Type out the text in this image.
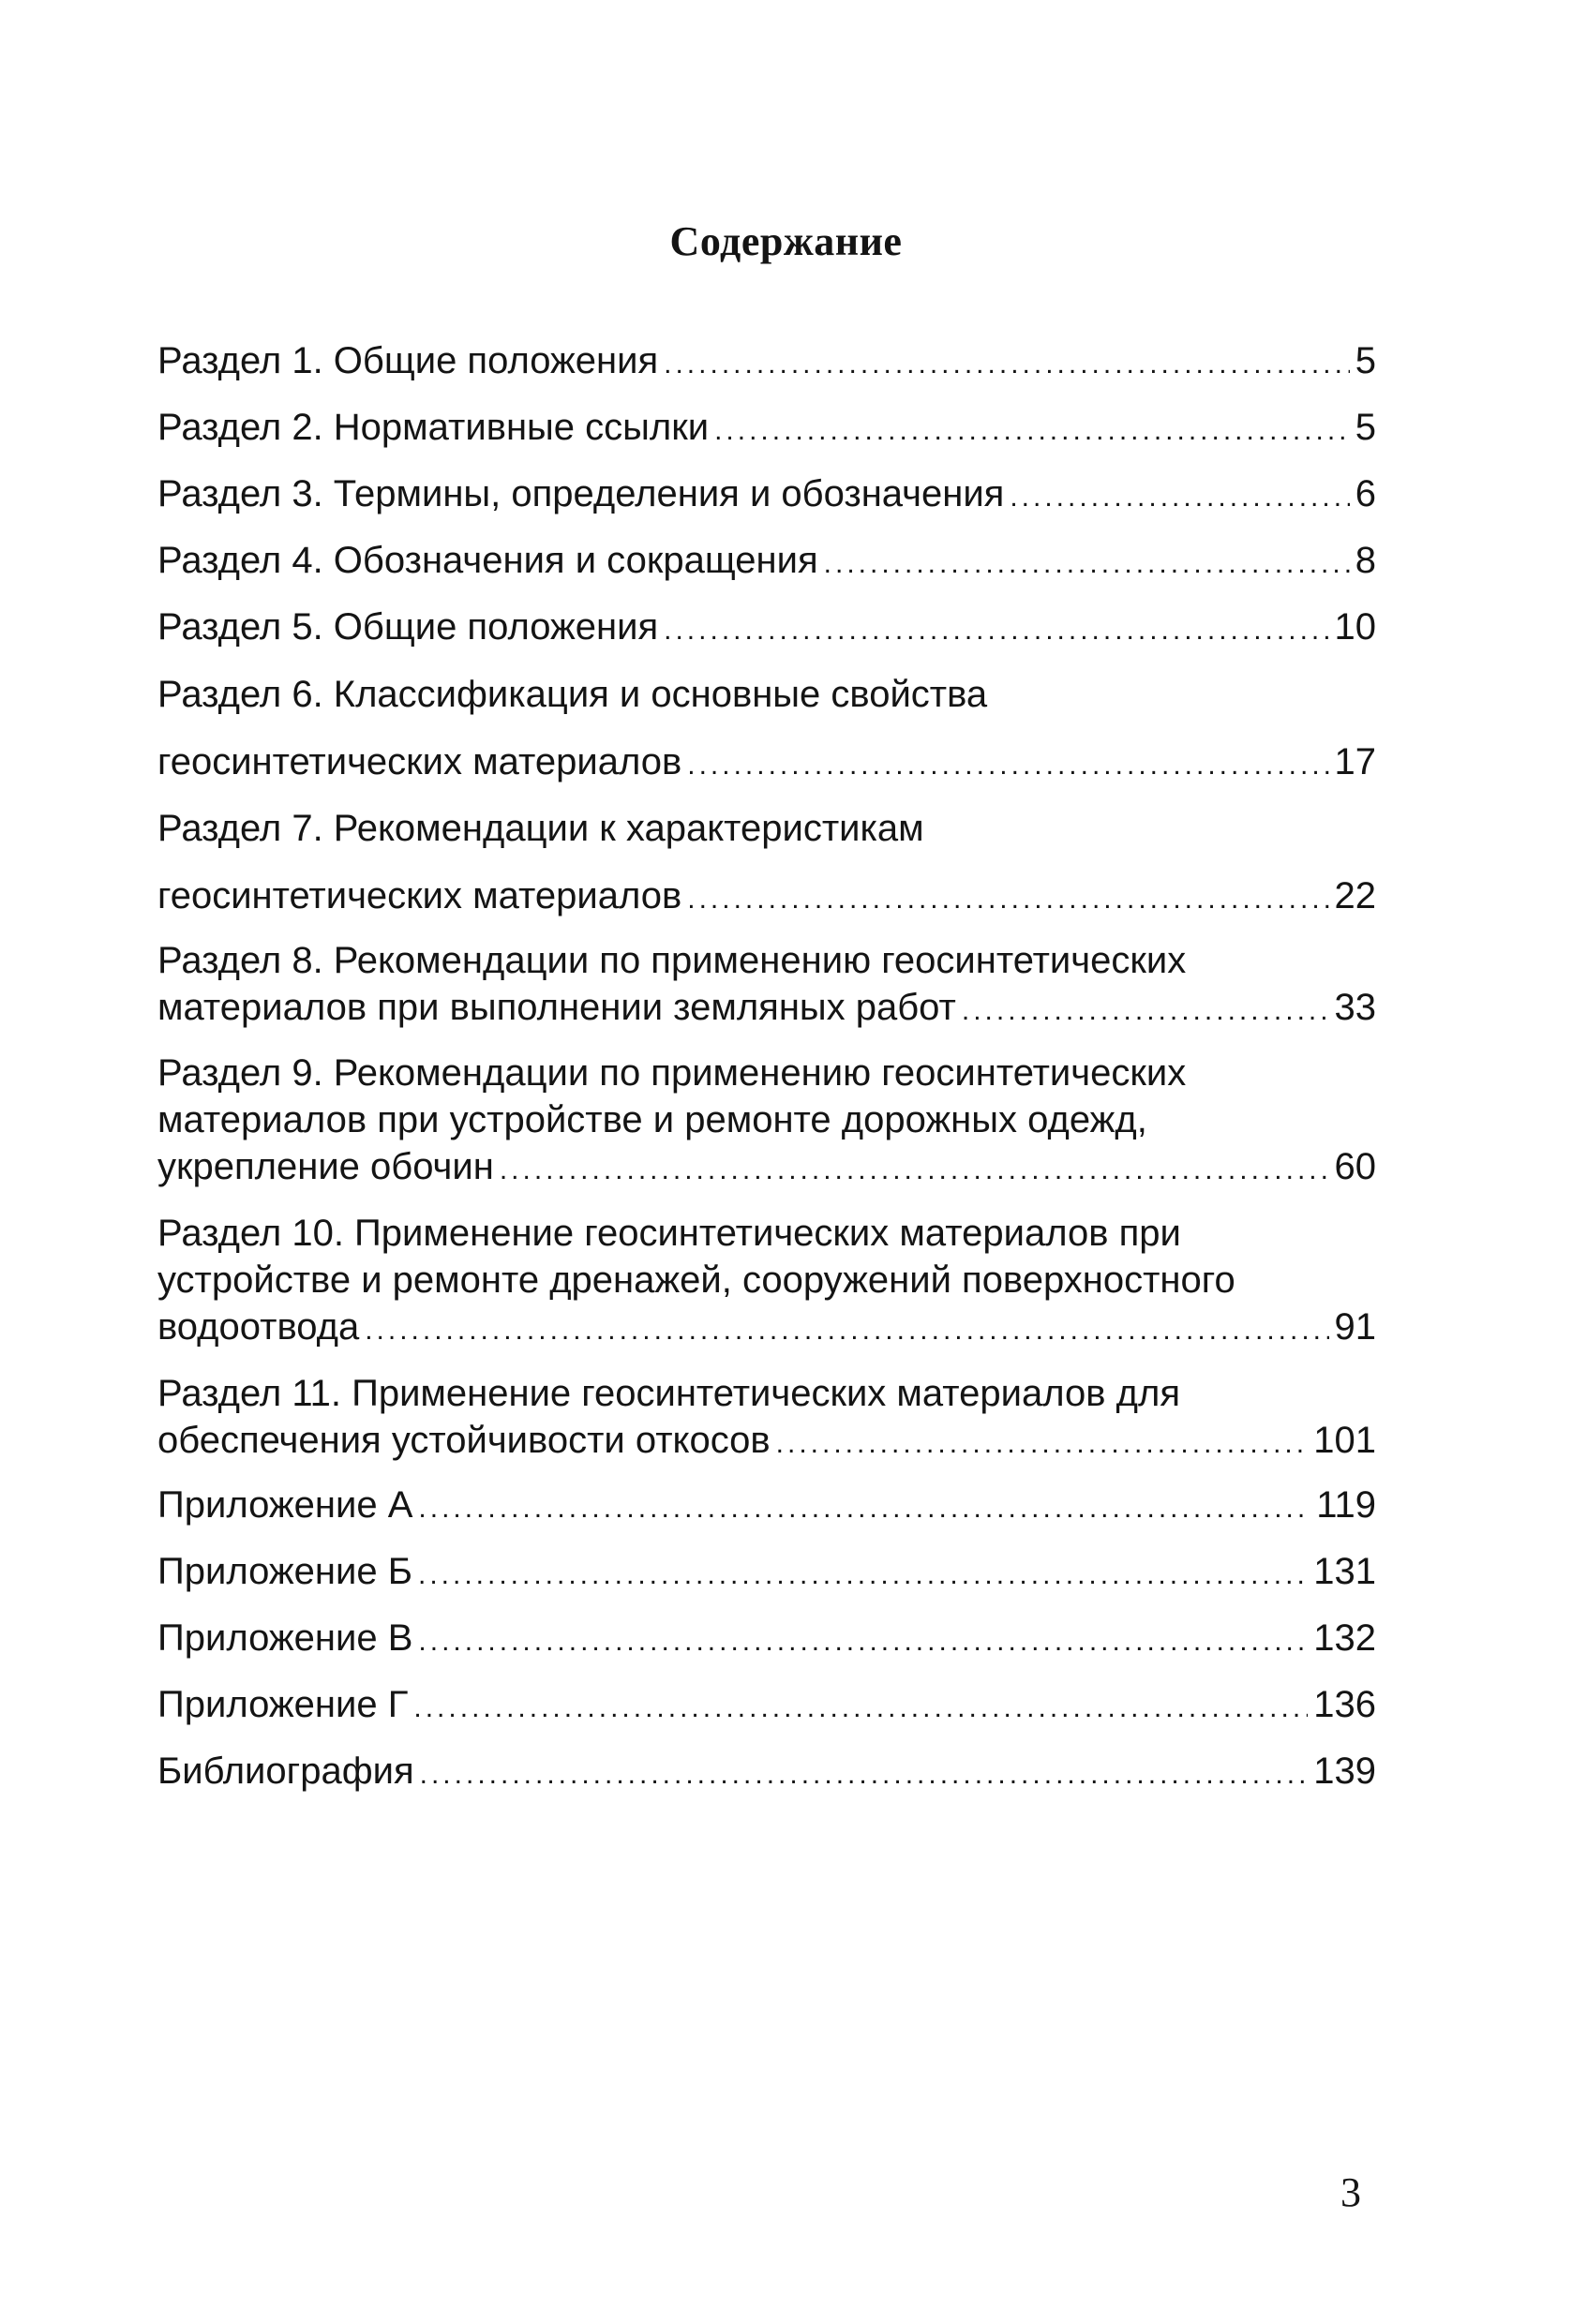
Содержание
Раздел 1. Общие положения .....	5
Раздел 2. Нормативные ссылки .....	5
Раздел 3. Термины, определения и обозначения .....	6
Раздел 4. Обозначения и сокращения .....	8
Раздел 5. Общие положения .....	10
Раздел 6. Классификация и основные свойства
геосинтетических материалов .....	17
Раздел 7. Рекомендации к характеристикам
геосинтетических материалов .....	22
Раздел 8. Рекомендации по применению геосинтетических
материалов при выполнении земляных работ .....	33
Раздел 9. Рекомендации по применению геосинтетических
материалов при устройстве и ремонте дорожных одежд,
укрепление обочин .....	60
Раздел 10. Применение геосинтетических материалов при
устройстве и ремонте дренажей, сооружений поверхностного
водоотвода .....	91
Раздел 11. Применение геосинтетических материалов для
обеспечения устойчивости откосов .....	101
Приложение А .....	119
Приложение Б .....	131
Приложение В .....	132
Приложение Г .....	136
Библиография .....	139
3
